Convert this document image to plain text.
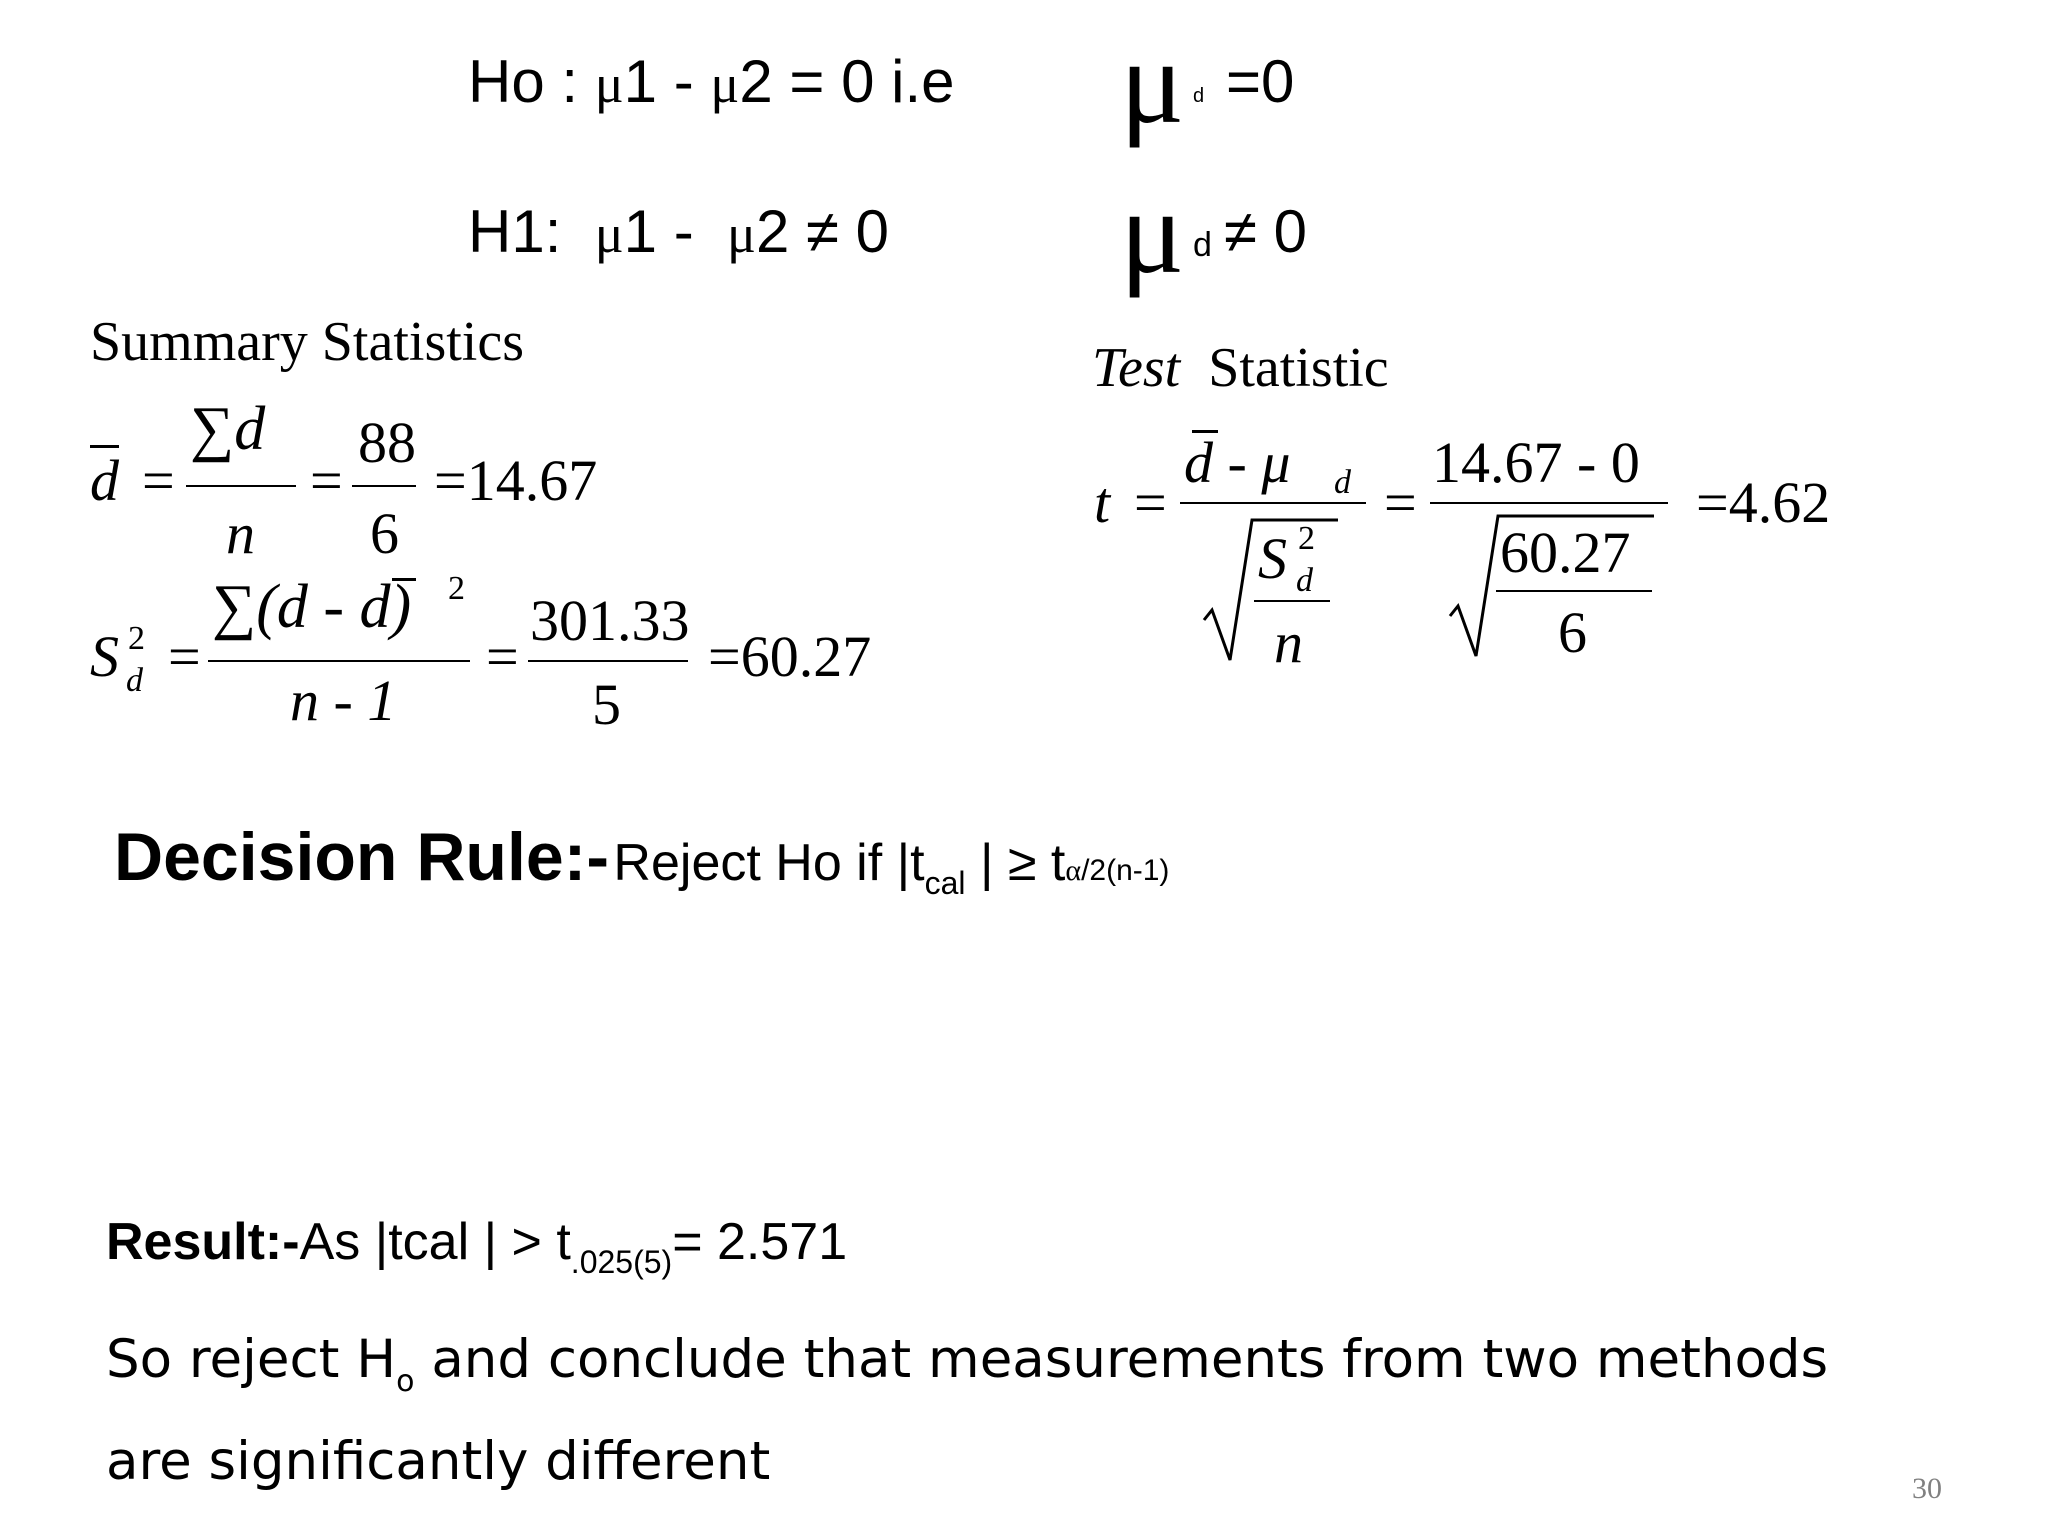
Ho : μ1 - μ2 = 0 i.e μ d =0
H1: μ1 - μ2 ≠ 0 μ d ≠ 0
Summary Statistics
d =
∑d
n
=
88
6
=14.67
S 2
d =
∑(d - d) 2
n - 1
=
301.33
5
=60.27
Test Statistic
t =
d - μ d
S 2
d
n
=
14.67 - 0
60.27
6
=4.62
Decision Rule:- Reject Ho if |tcal | ≥ tα/2(n-1)
Result:-As |tcal | > t.025(5)= 2.571
So reject $H_o$ and conclude that measurements from two methods
are significantly different	30
